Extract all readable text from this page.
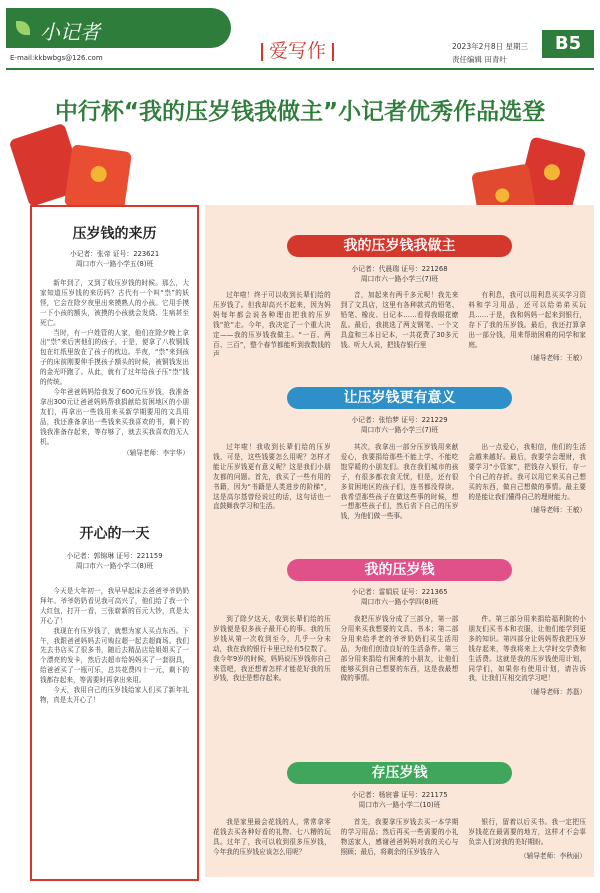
小记者
E-mail:kkbwbgs@126.com	爱写作	2023年2月8日 星期三
责任编辑 田青叶
B5
中行杯“我的压岁钱我做主”小记者优秀作品选登
压岁钱的来历
小记者：张帝 证号：223621
周口市六一路小学五(8)班

新年到了，又到了收压岁钱的时候。那么，大家知道压岁钱的来历吗？古代有一个叫“祟”的妖怪，它会在除夕夜里出来摸熟人的小孩。它用手摸一下小孩的额头，被摸的小孩就会发烧、生病甚至死亡。

当时，有一户姓管的人家，他们在除夕晚上拿出“祟”来后害他们的孩子，于是，便拿了八枚铜钱包在红纸里放在了孩子的枕边。半夜，“祟”来到孩子的床前刚要伸手摸孩子额头的时候，被铜钱发出的金光吓跑了。从此，就有了过年给孩子压“祟”钱的传统。

今年爸爸妈妈给我发了600元压岁钱，我准备拿出300元让爸爸妈妈帮我捐献给贫困地区的小朋友们，再拿出一些钱用来买新学期要用的文具用品，我还准备拿出一些钱来买我喜欢的书，剩下的钱我准备存起来，等存够了，就去买我喜欢的无人机。

（辅导老师：李宇华）
开心的一天
小记者：郭锦琳 证号：221159
周口市六一路小学二(8)班

今天是大年初一，我早早起床去爸爸爷爷奶奶拜年。爷爷奶奶看见我可高兴了，他们给了我一个大红包，打开一看，三张崭新的百元大钞，真是太开心了！

我现在有压岁钱了，就想为家人买点东西。下午，我跟爸爸妈妈去可购拉超一起去超商场。我们先去书店买了很多书，随后去精品店给姐姐买了一个漂亮的发卡，然后去超市给妈妈买了一套厨具，给爸爸买了一瓶可乐，总共花费四十一元，剩下的钱都存起来，等需要时再拿出来用。

今天，我用自己的压岁钱给家人们买了新年礼物，真是太开心了！

我的压岁钱我做主
小记者：代晨瑞 证号：221268
周口市六一路小学三(7)班

过年啦！终于可以收到长辈们给的压岁钱了。但我却高兴不起来，因为妈妈每年都会说各种理由把我的压岁钱“抢”走。今年，我决定了一个重大决定——我的压岁钱我做主。“一百、两百、三百”，整个春节都能听到我数钱的声

音，加起来有两千多元呢！我先来到了文具店，这里有各种款式的铅笔、铅笔、橡皮、日记本……看得我眼花缭乱。最后，我挑选了两支钢笔、一个文具盒和三本日记本，一共花费了30多元钱。听大人说，把钱存银行里

有利息，我可以用利息买买学习资料和学习用品，还可以给弟弟买玩具……于是，我和妈妈一起来到银行，存下了我的压岁钱。最后，我还打算拿出一部分钱，用来帮助困难的同学和家庭。

（辅导老师：王敏）
让压岁钱更有意义
小记者：张怡梦 证号：221229
周口市六一路小学三(7)班

过年啦！我收到长辈们给的压岁钱，可是，这些钱要怎么用呢？怎样才能让压岁钱更有意义呢？这是我们小朋友都的问题。首先，我买了一些有用的书籍，因为“书籍是人类进步的阶梯”，这是高尔基曾经说过的话，这句话也一直鼓舞我学习和生活。

其次，我拿出一部分压岁钱用来献爱心，我要捐给那些不能上学、不能吃饱穿暖的小朋友们。我在我们城市的孩子，有很多都衣食无忧，但是，还有很多贫困地区的孩子们，连书都没得读。我希望那些孩子在做这些事的时候，想一想那些孩子们，然后省下自己的压岁钱，为他们做一些事。

出一点爱心，我相信，他们的生活会越来越好。最后，我要学会理财，我要学习“小管家”，把钱存入银行，存一个自己的存折。我可以用它来买自己想买的东西，做自己想做的事情。最主要的是能让我们懂得自己的理财能力。

（辅导老师：王敏）
我的压岁钱
小记者：雷娟辰 证号：221365
周口市六一路小学四(8)班

到了除夕这天，收到长辈们给的压岁钱便是很多孩子最开心的事。我的压岁钱从第一次收到至今，几乎一分未动，我在我的银行卡里已经有5位数了。我今年9岁的时候，妈妈说压岁钱你自己来管吧，我还想着怎样才能花好我的压岁钱，我还是想存起来。

我把压岁钱分成了三部分，第一部分用来买我想要的文具、书本；第二部分用来给孝老的爷爷奶奶们买生活用品，为他们创造良好的生活条件。第三部分用来捐给有困难的小朋友，让他们能够买到自己想要的东西，这是我最想做的事情。

件。第三部分用来捐给福利院的小朋友们买书本和衣服，让他们能学到更多的知识。第四部分让妈妈帮我把压岁钱存起来，等我将来上大学时交学费和生活费。这就是我的压岁钱使用计划，同学们，如果你有使用计划，请告诉我，让我们互相交流学习吧！

（辅导老师：苏磊）
存压岁钱
小记者：杨宸睿 证号：221175
周口市六一路小学二(10)班

我是家里最会花钱的人，常常拿零花钱去买各种好看的礼物、七八糟的玩具。过年了，我可以收到很多压岁钱，今年我的压岁钱应该怎么用呢？

首先，我要拿压岁钱去买一本学期的学习用品；然后再买一些需要的小礼物送家人，感谢爸爸妈妈对我的关心与照顾；最后，将剩余的压岁钱存入

银行，留着以后买书。我一定把压岁钱花在最需要的地方，这样才不会辜负亲人们对我的美好期盼。

（辅导老师：李秋丽）
